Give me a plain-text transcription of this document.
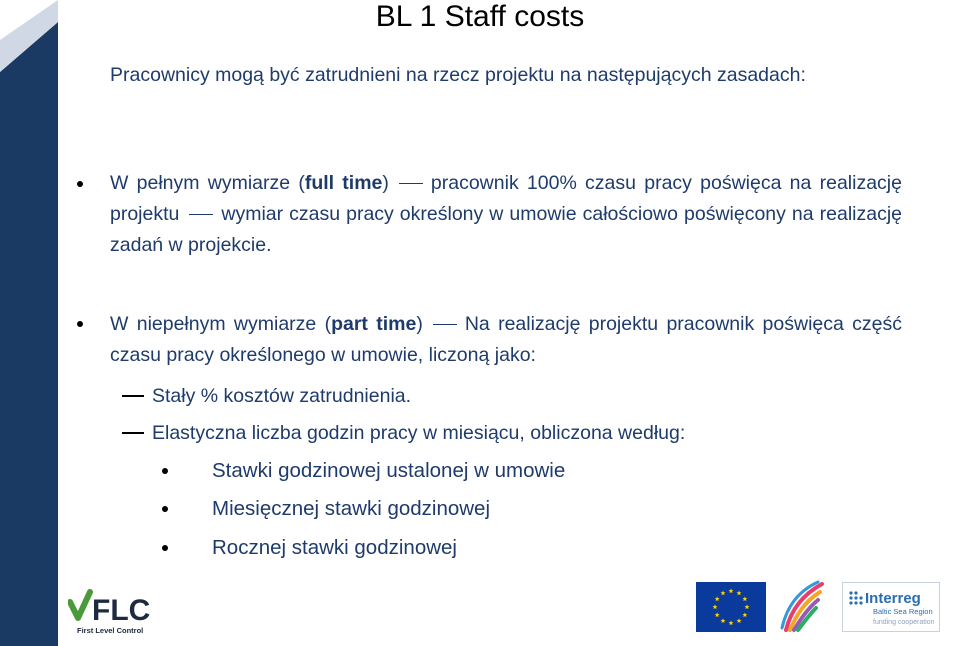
BL 1 Staff costs
Pracownicy mogą być zatrudnieni na rzecz projektu na następujących zasadach:
W pełnym wymiarze (full time) pracownik 100% czasu pracy poświęca na realizację projektu wymiar czasu pracy określony w umowie całościowo poświęcony na realizację zadań w projekcie.
W niepełnym wymiarze (part time) Na realizację projektu pracownik poświęca część czasu pracy określonego w umowie, liczoną jako:
Stały % kosztów zatrudnienia.
Elastyczna liczba godzin pracy w miesiącu, obliczona według:
Stawki godzinowej ustalonej w umowie
Miesięcznej stawki godzinowej
Rocznej stawki godzinowej
FLC
First Level Control
Interreg
Baltic Sea Region
funding cooperation
